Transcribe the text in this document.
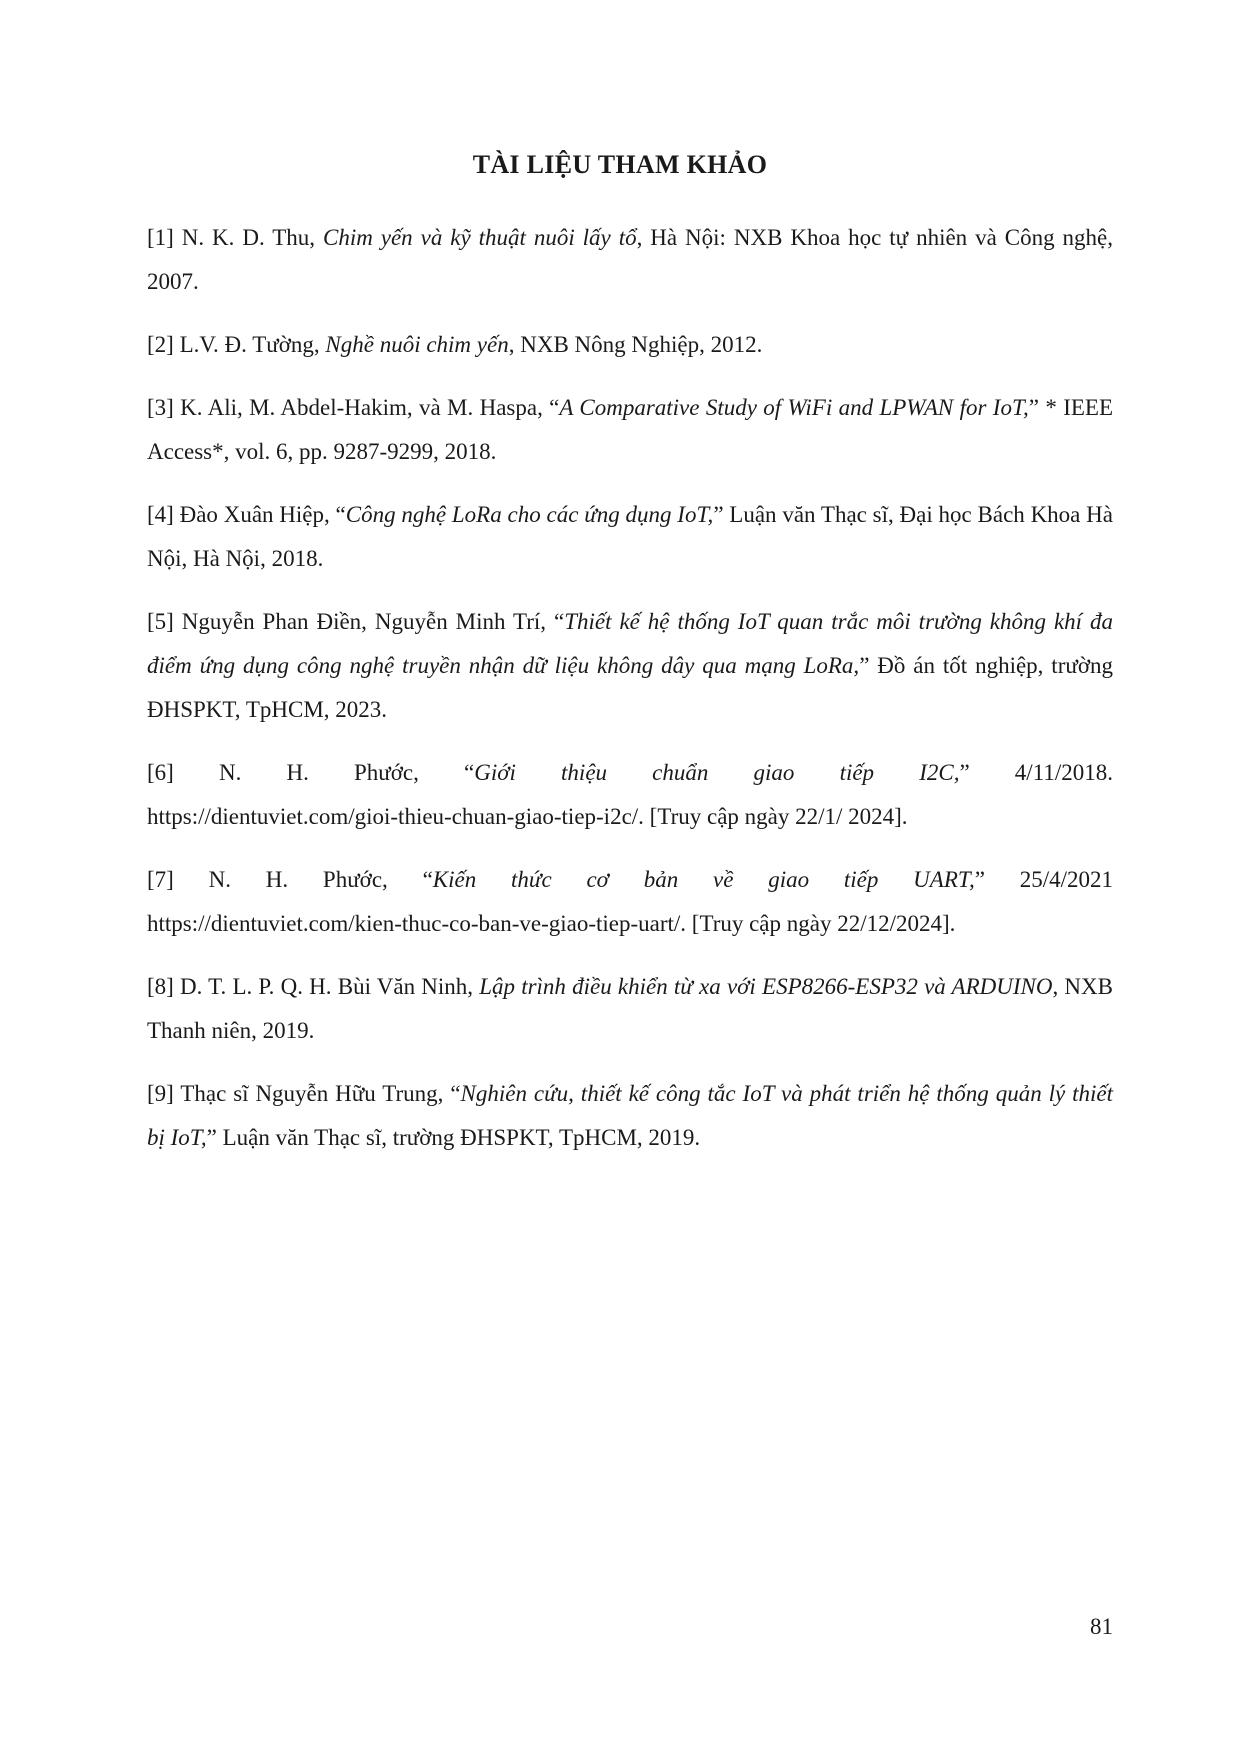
TÀI LIỆU THAM KHẢO
[1] N. K. D. Thu, Chim yến và kỹ thuật nuôi lấy tổ, Hà Nội: NXB Khoa học tự nhiên và Công nghệ, 2007.
[2] L.V. Đ. Tường, Nghề nuôi chim yến, NXB Nông Nghiệp, 2012.
[3] K. Ali, M. Abdel-Hakim, và M. Haspa, “A Comparative Study of WiFi and LPWAN for IoT,” * IEEE Access*, vol. 6, pp. 9287-9299, 2018.
[4] Đào Xuân Hiệp, “Công nghệ LoRa cho các ứng dụng IoT,” Luận văn Thạc sĩ, Đại học Bách Khoa Hà Nội, Hà Nội, 2018.
[5] Nguyễn Phan Điền, Nguyễn Minh Trí, “Thiết kế hệ thống IoT quan trắc môi trường không khí đa điểm ứng dụng công nghệ truyền nhận dữ liệu không dây qua mạng LoRa,” Đồ án tốt nghiệp, trường ĐHSPKT, TpHCM, 2023.
[6] N. H. Phước, “Giới thiệu chuẩn giao tiếp I2C,” 4/11/2018.
https://dientuviet.com/gioi-thieu-chuan-giao-tiep-i2c/. [Truy cập ngày 22/1/ 2024].
[7] N. H. Phước, “Kiến thức cơ bản về giao tiếp UART,” 25/4/2021
https://dientuviet.com/kien-thuc-co-ban-ve-giao-tiep-uart/. [Truy cập ngày 22/12/2024].
[8] D. T. L. P. Q. H. Bùi Văn Ninh, Lập trình điều khiển từ xa với ESP8266-ESP32 và ARDUINO, NXB Thanh niên, 2019.
[9] Thạc sĩ Nguyễn Hữu Trung, “Nghiên cứu, thiết kế công tắc IoT và phát triển hệ thống quản lý thiết bị IoT,” Luận văn Thạc sĩ, trường ĐHSPKT, TpHCM, 2019.

81
